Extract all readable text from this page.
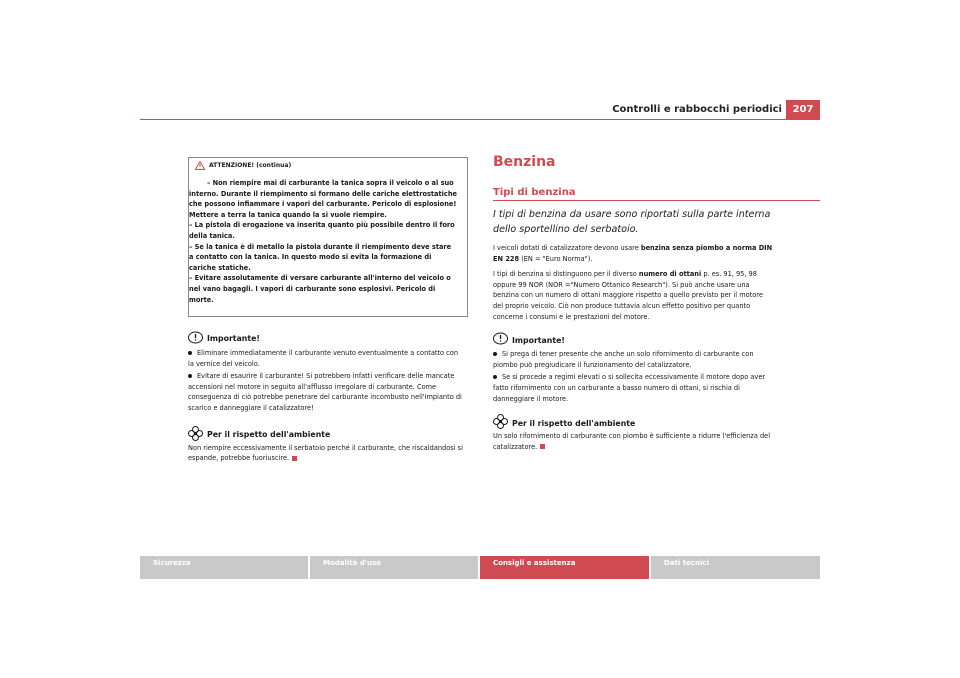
Controlli e rabbocchi periodici	207
ATTENZIONE! (continua)

– Non riempire mai di carburante la tanica sopra il veicolo o al suo interno. Durante il riempimento si formano delle cariche elettrostatiche che possono infiammare i vapori del carburante. Pericolo di esplosione! Mettere a terra la tanica quando la si vuole riempire.

– La pistola di erogazione va inserita quanto più possibile dentro il foro della tanica.

– Se la tanica è di metallo la pistola durante il riempimento deve stare a contatto con la tanica. In questo modo si evita la formazione di cariche statiche.

– Evitare assolutamente di versare carburante all'interno del veicolo o nel vano bagagli. I vapori di carburante sono esplosivi. Pericolo di morte.

Importante!

Eliminare immediatamente il carburante venuto eventualmente a contatto con la vernice del veicolo.

Evitare di esaurire il carburante! Si potrebbero infatti verificare delle mancate accensioni nel motore in seguito all'afflusso irregolare di carburante. Come conseguenza di ciò potrebbe penetrare del carburante incombusto nell'impianto di scarico e danneggiare il catalizzatore!

Per il rispetto dell'ambiente

Non riempire eccessivamente il serbatoio perché il carburante, che riscaldandosi si espande, potrebbe fuoriuscire.

Benzina
Tipi di benzina
I tipi di benzina da usare sono riportati sulla parte interna dello sportellino del serbatoio.

I veicoli dotati di catalizzatore devono usare benzina senza piombo a norma DIN EN 228 (EN = "Euro Norma").

I tipi di benzina si distinguono per il diverso numero di ottani p. es. 91, 95, 98 oppure 99 NOR (NOR ="Numero Ottanico Research"). Si può anche usare una benzina con un numero di ottani maggiore rispetto a quello previsto per il motore del proprio veicolo. Ciò non produce tuttavia alcun effetto positivo per quanto concerne i consumi e le prestazioni del motore.

Importante!

Si prega di tener presente che anche un solo rifornimento di carburante con piombo può pregiudicare il funzionamento del catalizzatore.

Se si procede a regimi elevati o si sollecita eccessivamente il motore dopo aver fatto rifornimento con un carburante a basso numero di ottani, si rischia di danneggiare il motore.

Per il rispetto dell'ambiente

Un solo rifornimento di carburante con piombo è sufficiente a ridurre l'efficienza del catalizzatore.

Sicurezza	Modalità d'uso	Consigli e assistenza	Dati tecnici
